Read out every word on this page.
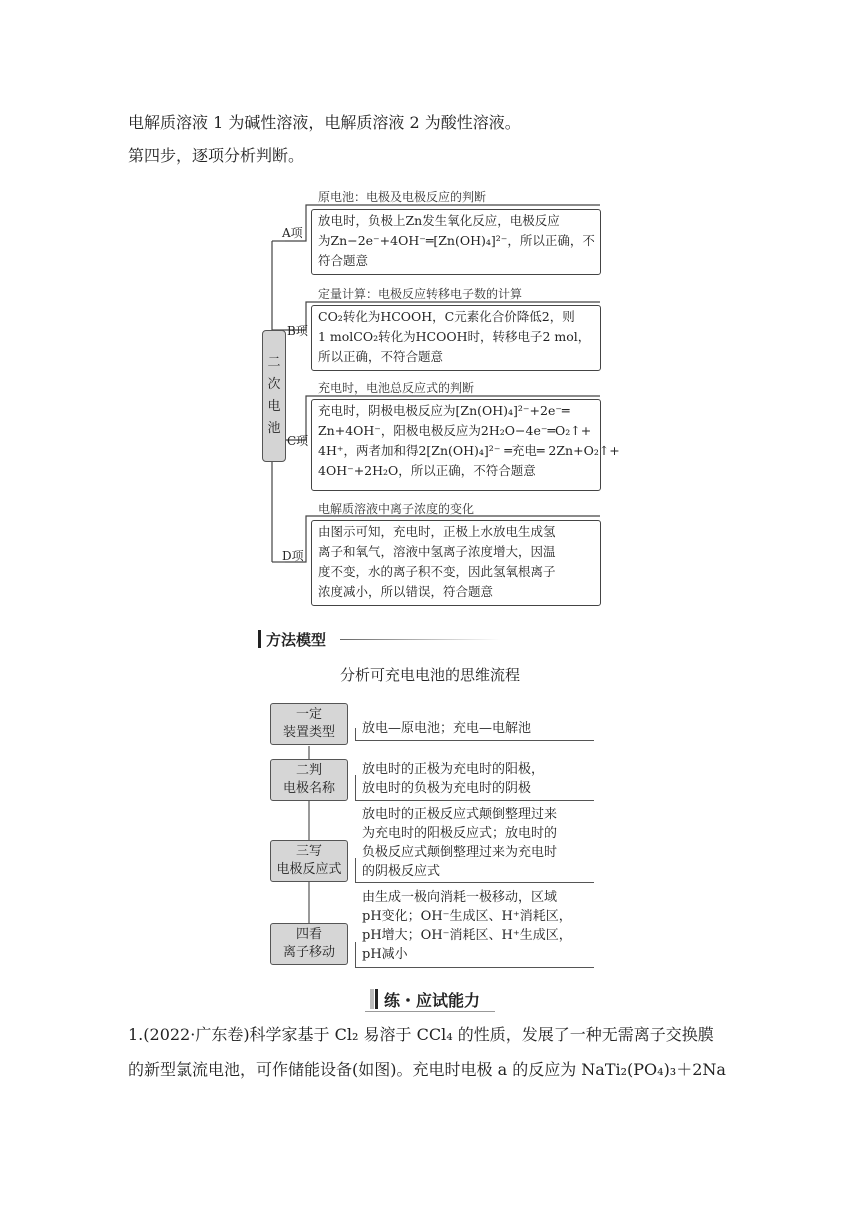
电解质溶液 1 为碱性溶液，电解质溶液 2 为酸性溶液。
第四步，逐项分析判断。
二
次
电
池
A项
B项
C项
D项
原电池：电极及电极反应的判断
定量计算：电极反应转移电子数的计算
充电时，电池总反应式的判断
电解质溶液中离子浓度的变化
放电时，负极上Zn发生氧化反应，电极反应
为Zn−2e⁻+4OH⁻═[Zn(OH)₄]²⁻，所以正确，不
符合题意
CO₂转化为HCOOH，C元素化合价降低2，则
1 molCO₂转化为HCOOH时，转移电子2 mol，
所以正确，不符合题意
充电时，阴极电极反应为[Zn(OH)₄]²⁻+2e⁻═
Zn+4OH⁻，阳极电极反应为2H₂O−4e⁻═O₂↑+
4H⁺，两者加和得2[Zn(OH)₄]²⁻ ═充电═ 2Zn+O₂↑+
4OH⁻+2H₂O，所以正确，不符合题意
由图示可知，充电时，正极上水放电生成氢
离子和氧气，溶液中氢离子浓度增大，因温
度不变，水的离子积不变，因此氢氧根离子
浓度减小，所以错误，符合题意
方法模型
分析可充电电池的思维流程
一定
装置类型	放电—原电池；充电—电解池
二判
电极名称
放电时的正极为充电时的阳极，
放电时的负极为充电时的阴极
三写
电极反应式
放电时的正极反应式颠倒整理过来
为充电时的阳极反应式；放电时的
负极反应式颠倒整理过来为充电时
的阴极反应式
四看
离子移动
由生成一极向消耗一极移动，区域
pH变化；OH⁻生成区、H⁺消耗区，
pH增大；OH⁻消耗区、H⁺生成区，
pH减小
练・应试能力
1.(2022·广东卷)科学家基于 Cl₂ 易溶于 CCl₄ 的性质，发展了一种无需离子交换膜
的新型氯流电池，可作储能设备(如图)。充电时电极 a 的反应为 NaTi₂(PO₄)₃＋2Na
